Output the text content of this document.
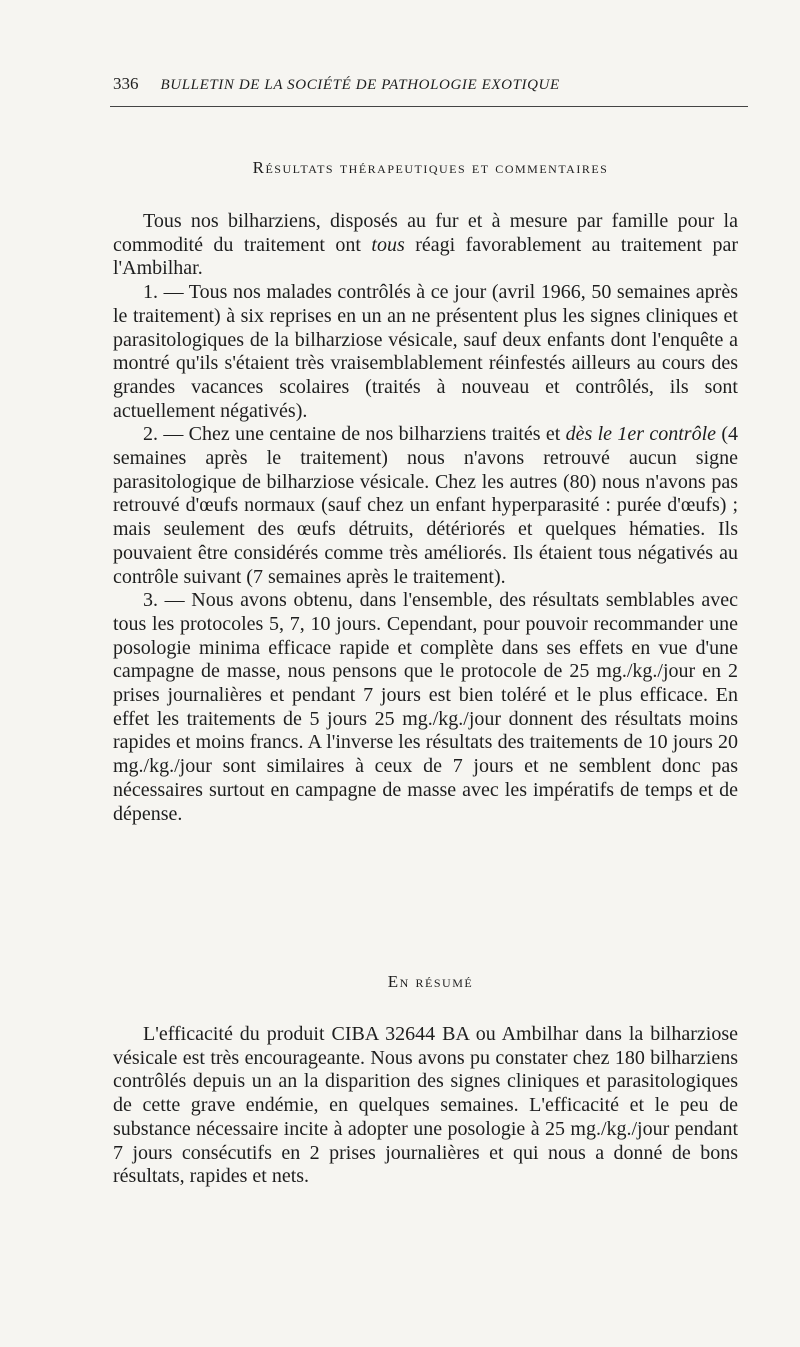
336 BULLETIN DE LA SOCIÉTÉ DE PATHOLOGIE EXOTIQUE
Résultats thérapeutiques et commentaires

Tous nos bilharziens, disposés au fur et à mesure par famille pour la commodité du traitement ont tous réagi favorablement au traitement par l'Ambilhar.

1. — Tous nos malades contrôlés à ce jour (avril 1966, 50 semaines après le traitement) à six reprises en un an ne présentent plus les signes cliniques et parasitologiques de la bilharziose vésicale, sauf deux enfants dont l'enquête a montré qu'ils s'étaient très vraisemblablement réinfestés ailleurs au cours des grandes vacances scolaires (traités à nouveau et contrôlés, ils sont actuellement négativés).

2. — Chez une centaine de nos bilharziens traités et dès le 1er contrôle (4 semaines après le traitement) nous n'avons retrouvé aucun signe parasitologique de bilharziose vésicale. Chez les autres (80) nous n'avons pas retrouvé d'œufs normaux (sauf chez un enfant hyperparasité : purée d'œufs) ; mais seulement des œufs détruits, détériorés et quelques hématies. Ils pouvaient être considérés comme très améliorés. Ils étaient tous négativés au contrôle suivant (7 semaines après le traitement).

3. — Nous avons obtenu, dans l'ensemble, des résultats semblables avec tous les protocoles 5, 7, 10 jours. Cependant, pour pouvoir recommander une posologie minima efficace rapide et complète dans ses effets en vue d'une campagne de masse, nous pensons que le protocole de 25 mg./kg./jour en 2 prises journalières et pendant 7 jours est bien toléré et le plus efficace. En effet les traitements de 5 jours 25 mg./kg./jour donnent des résultats moins rapides et moins francs. A l'inverse les résultats des traitements de 10 jours 20 mg./kg./jour sont similaires à ceux de 7 jours et ne semblent donc pas nécessaires surtout en campagne de masse avec les impératifs de temps et de dépense.

En résumé

L'efficacité du produit CIBA 32644 BA ou Ambilhar dans la bilharziose vésicale est très encourageante. Nous avons pu constater chez 180 bilharziens contrôlés depuis un an la disparition des signes cliniques et parasitologiques de cette grave endémie, en quelques semaines. L'efficacité et le peu de substance nécessaire incite à adopter une posologie à 25 mg./kg./jour pendant 7 jours consécutifs en 2 prises journalières et qui nous a donné de bons résultats, rapides et nets.
